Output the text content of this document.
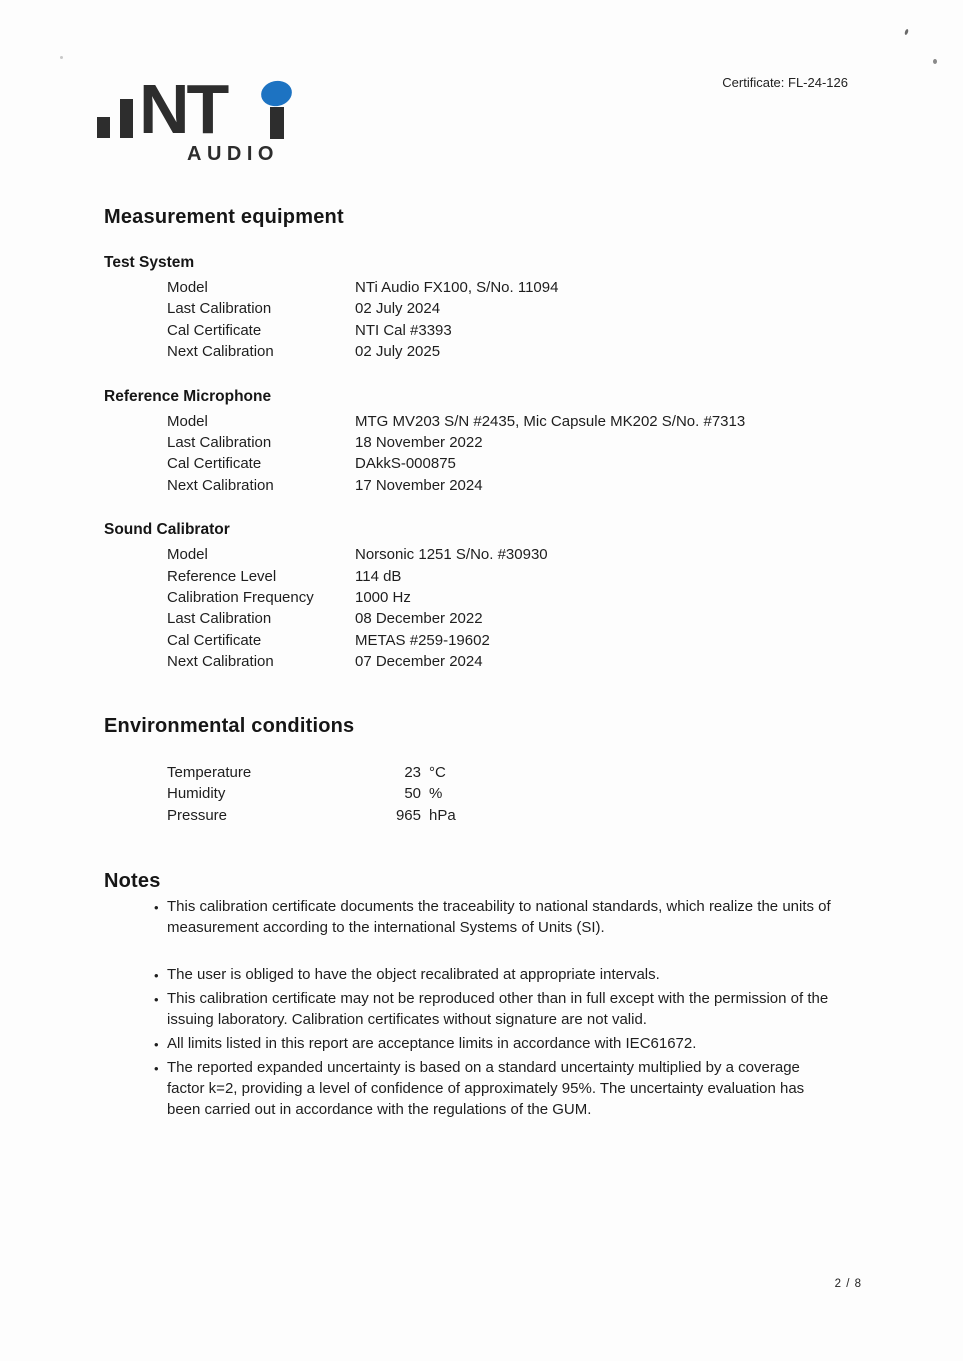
NT
AUDIO
Certificate: FL-24-126
Measurement equipment
Test System
Model	NTi Audio FX100, S/No. 11094
Last Calibration	02 July 2024
Cal Certificate	NTI Cal #3393
Next Calibration	02 July 2025
Reference Microphone
Model	MTG MV203 S/N #2435, Mic Capsule MK202 S/No. #7313
Last Calibration	18 November 2022
Cal Certificate	DAkkS-000875
Next Calibration	17 November 2024
Sound Calibrator
Model	Norsonic 1251 S/No. #30930
Reference Level	114 dB
Calibration Frequency	1000 Hz
Last Calibration	08 December 2022
Cal Certificate	METAS #259-19602
Next Calibration	07 December 2024
Environmental conditions
Temperature	23 °C
Humidity	50 %
Pressure	965 hPa
Notes
• This calibration certificate documents the traceability to national standards, which realize the units of measurement according to the international Systems of Units (SI).
• The user is obliged to have the object recalibrated at appropriate intervals.
• This calibration certificate may not be reproduced other than in full except with the permission of the issuing laboratory. Calibration certificates without signature are not valid.
• All limits listed in this report are acceptance limits in accordance with IEC61672.
• The reported expanded uncertainty is based on a standard uncertainty multiplied by a coverage factor k=2, providing a level of confidence of approximately 95%. The uncertainty evaluation has been carried out in accordance with the regulations of the GUM.
2 / 8
